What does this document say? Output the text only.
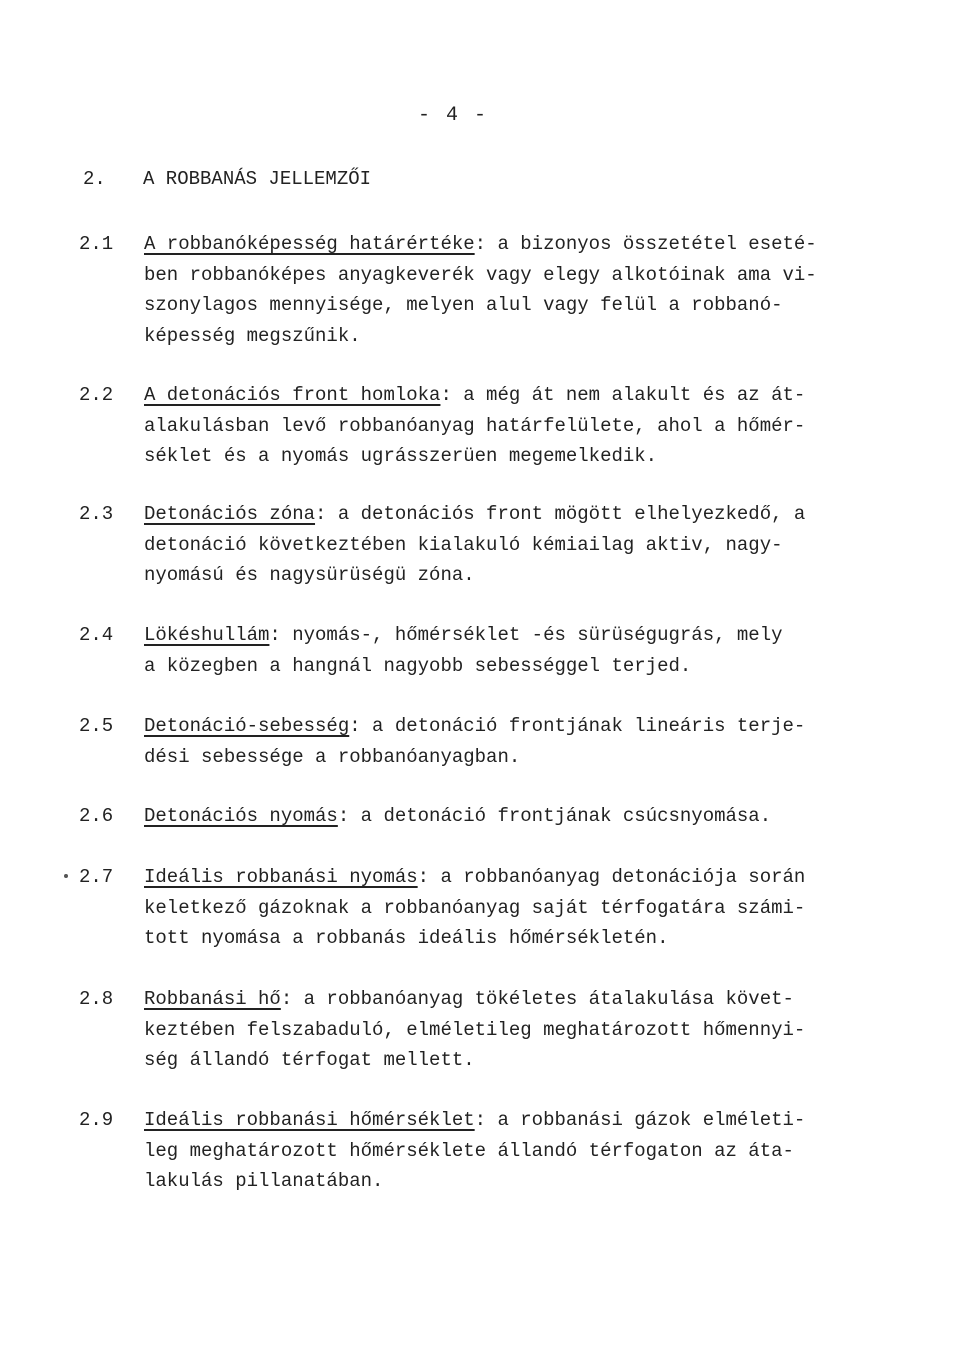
- 4 -
2. A ROBBANÁS JELLEMZŐI
2.1 A robbanóképesség határértéke: a bizonyos összetétel eseté-
ben robbanóképes anyagkeverék vagy elegy alkotóinak ama vi-
szonylagos mennyisége, melyen alul vagy felül a robbanó-
képesség megszűnik.
2.2 A detonációs front homloka: a még át nem alakult és az át-
alakulásban levő robbanóanyag határfelülete, ahol a hőmér-
séklet és a nyomás ugrásszerüen megemelkedik.
2.3 Detonációs zóna: a detonációs front mögött elhelyezkedő, a
detonáció következtében kialakuló kémiailag aktiv, nagy-
nyomású és nagysürüségü zóna.
2.4 Lökéshullám: nyomás-, hőmérséklet -és sürüségugrás, mely
a közegben a hangnál nagyobb sebességgel terjed.
2.5 Detonáció-sebesség: a detonáció frontjának lineáris terje-
dési sebessége a robbanóanyagban.
2.6 Detonációs nyomás: a detonáció frontjának csúcsnyomása.
2.7 Ideális robbanási nyomás: a robbanóanyag detonációja során
keletkező gázoknak a robbanóanyag saját térfogatára számi-
tott nyomása a robbanás ideális hőmérsékletén.
2.8 Robbanási hő: a robbanóanyag tökéletes átalakulása követ-
keztében felszabaduló, elméletileg meghatározott hőmennyi-
ség állandó térfogat mellett.
2.9 Ideális robbanási hőmérséklet: a robbanási gázok elméleti-
leg meghatározott hőmérséklete állandó térfogaton az áta-
lakulás pillanatában.
